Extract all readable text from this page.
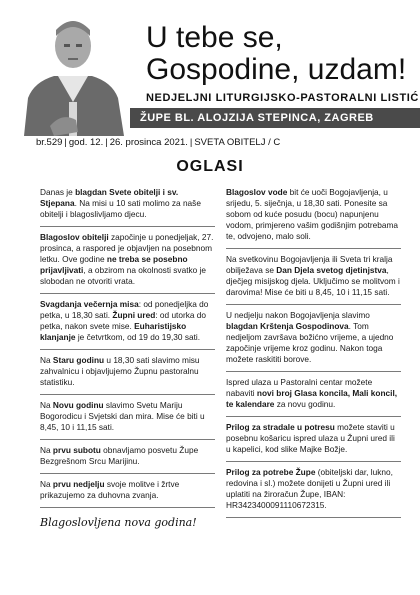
U tebe se,
Gospodine, uzdam!
NEDJELJNI LITURGIJSKO-PASTORALNI LISTIĆ
ŽUPE BL. ALOJZIJA STEPINCA, ZAGREB
br.529|god. 12.|26. prosinca 2021.|SVETA OBITELJ / C
OGLASI

Danas je blagdan Svete obitelji i sv. Stjepana. Na misi u 10 sati molimo za naše obitelji i blagoslivljamo djecu.

Blagoslov obitelji započinje u ponedjeljak, 27. prosinca, a raspored je objavljen na posebnom letku. Ove godine ne treba se posebno prijavljivati, a obzirom na okolnosti svatko je slobodan ne otvoriti vrata.

Svagdanja večernja misa: od ponedjeljka do petka, u 18,30 sati. Župni ured: od utorka do petka, nakon svete mise. Euharistijsko klanjanje je četvrtkom, od 19 do 19,30 sati.

Na Staru godinu u 18,30 sati slavimo misu zahvalnicu i objavljujemo Župnu pastoralnu statistiku.

Na Novu godinu slavimo Svetu Mariju Bogorodicu i Svjetski dan mira. Mise će biti u 8,45, 10 i 11,15 sati.

Na prvu subotu obnavljamo posvetu Župe Bezgrešnom Srcu Marijinu.

Na prvu nedjelju svoje molitve i žrtve prikazujemo za duhovna zvanja.

Blagoslovljena nova godina!

Blagoslov vode bit će uoči Bogojavljenja, u srijedu, 5. siječnja, u 18,30 sati. Ponesite sa sobom od kuće posudu (bocu) napunjenu vodom, primjereno vašim godišnjim potrebama te, odvojeno, malo soli.

Na svetkovinu Bogojavljenja ili Sveta tri kralja obilježava se Dan Djela svetog djetinjstva, dječjeg misijskog djela. Uključimo se molitvom i darovima! Mise će biti u 8,45, 10 i 11,15 sati.

U nedjelju nakon Bogojavljenja slavimo blagdan Krštenja Gospodinova. Tom nedjeljom završava božićno vrijeme, a ujedno započinje vrijeme kroz godinu. Nakon toga možete raskititi borove.

Ispred ulaza u Pastoralni centar možete nabaviti novi broj Glasa koncila, Mali koncil, te kalendare za novu godinu.

Prilog za stradale u potresu možete staviti u posebnu košaricu ispred ulaza u Župni ured ili u kapelici, kod slike Majke Božje.

Prilog za potrebe Župe (obiteljski dar, lukno, redovina i sl.) možete donijeti u Župni ured ili uplatiti na žiroračun Župe, IBAN: HR3423400091110672315.
